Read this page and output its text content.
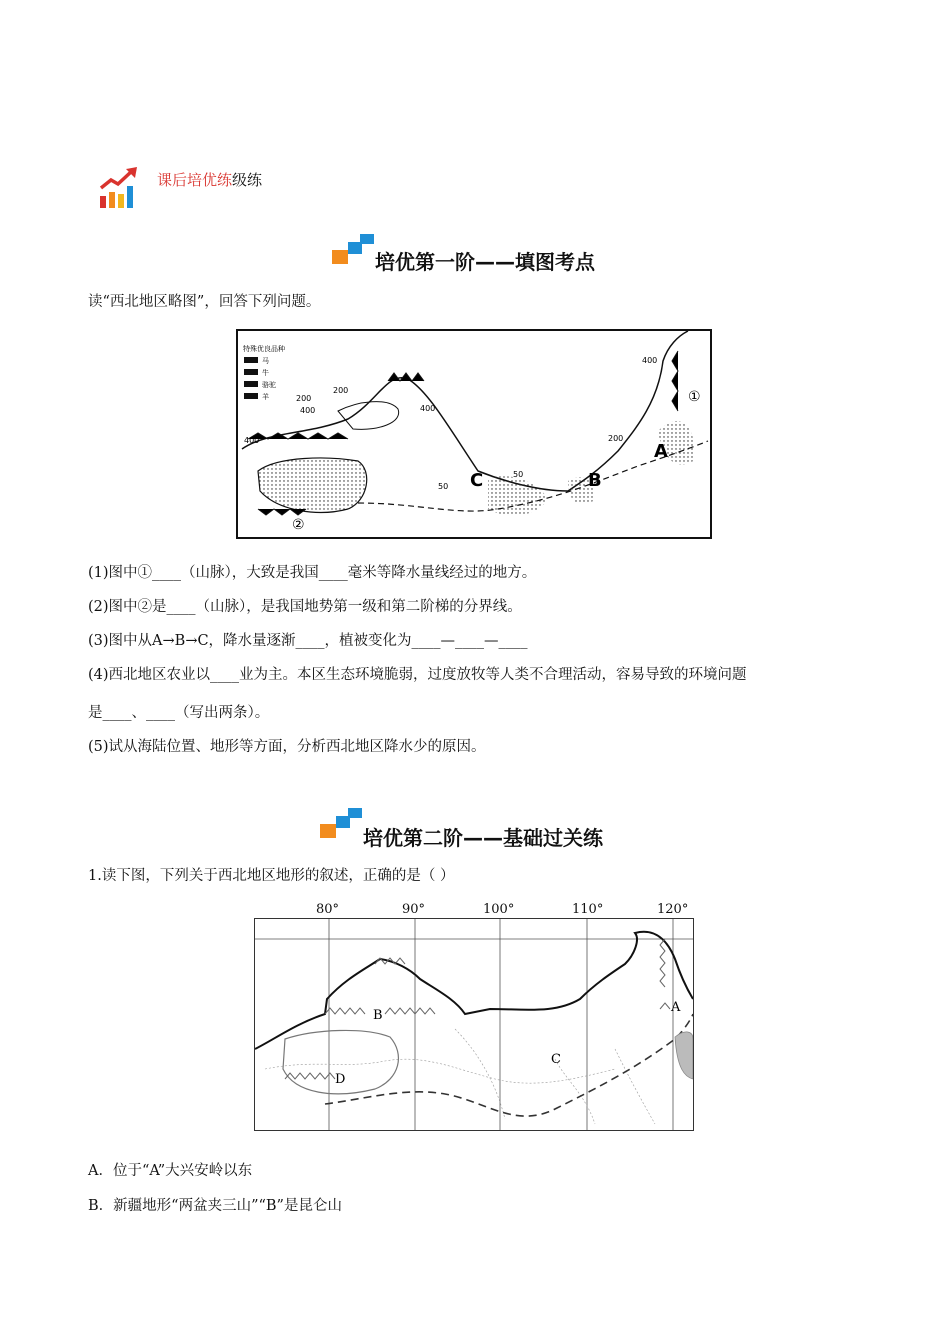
课后培优练级练
培优第一阶——填图考点
读“西北地区略图”，回答下列问题。
特殊优良品种
马
牛
骆驼
羊
400
200
200
400
400
200
50
50
400
A
B
C
①
②
(1)图中①____（山脉），大致是我国____毫米等降水量线经过的地方。
(2)图中②是____（山脉），是我国地势第一级和第二阶梯的分界线。
(3)图中从A→B→C，降水量逐渐____，植被变化为____—____—____
(4)西北地区农业以____业为主。本区生态环境脆弱，过度放牧等人类不合理活动，容易导致的环境问题
是____、____（写出两条）。
(5)试从海陆位置、地形等方面，分析西北地区降水少的原因。
培优第二阶——基础过关练
1.读下图，下列关于西北地区地形的叙述，正确的是（ ）
80°	90°	100°	110°	120°
A
B
C
D
A．位于“A”大兴安岭以东
B．新疆地形“两盆夹三山”“B”是昆仑山
